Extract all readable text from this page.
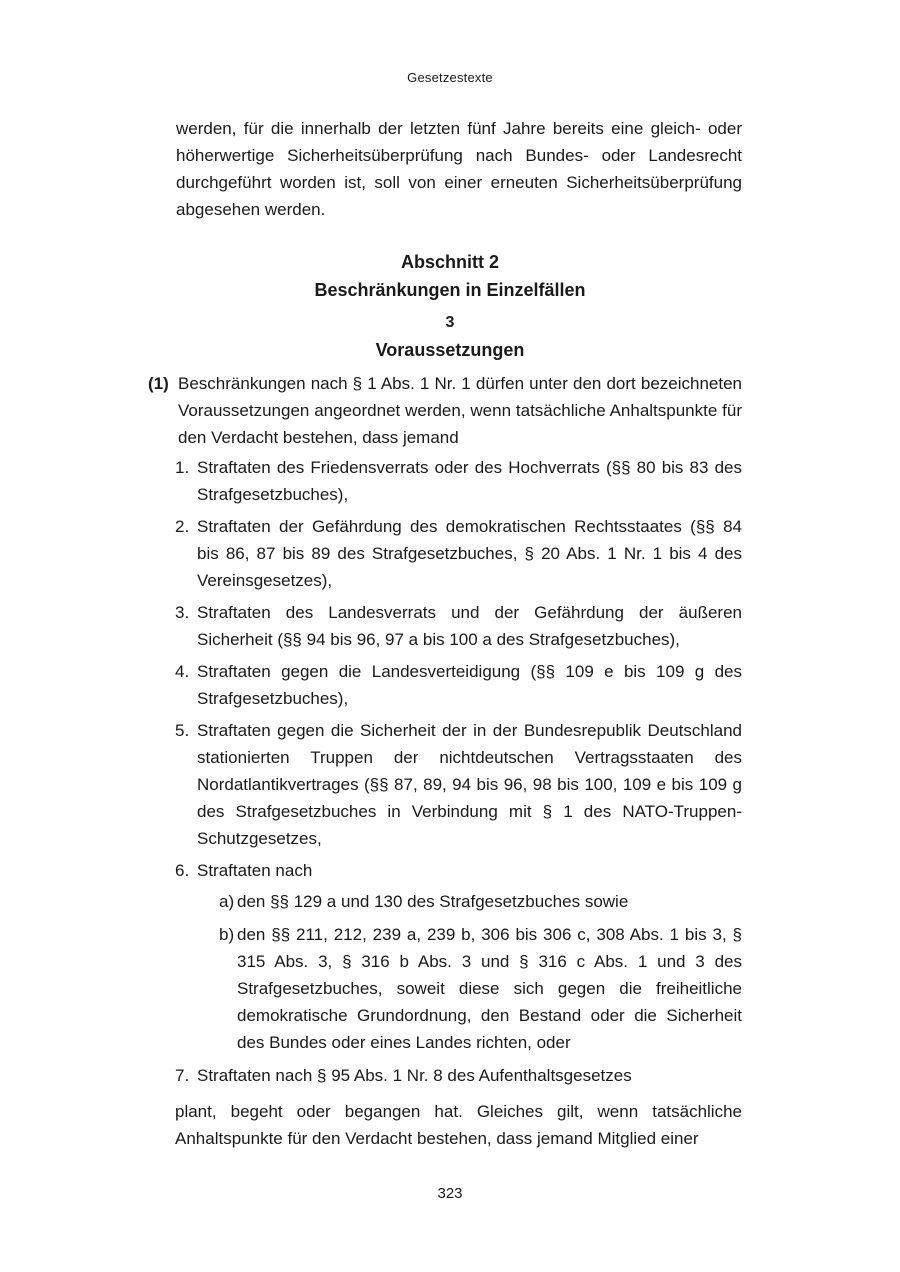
Gesetzestexte
werden, für die innerhalb der letzten fünf Jahre bereits eine gleich- oder höherwertige Sicherheitsüberprüfung nach Bundes- oder Landesrecht durchgeführt worden ist, soll von einer erneuten Sicherheitsüberprüfung abgesehen werden.
Abschnitt 2
Beschränkungen in Einzelfällen
3
Voraussetzungen
(1) Beschränkungen nach § 1 Abs. 1 Nr. 1 dürfen unter den dort bezeichneten Voraussetzungen angeordnet werden, wenn tatsächliche Anhaltspunkte für den Verdacht bestehen, dass jemand
1. Straftaten des Friedensverrats oder des Hochverrats (§§ 80 bis 83 des Strafgesetzbuches),
2. Straftaten der Gefährdung des demokratischen Rechtsstaates (§§ 84 bis 86, 87 bis 89 des Strafgesetzbuches, § 20 Abs. 1 Nr. 1 bis 4 des Vereinsgesetzes),
3. Straftaten des Landesverrats und der Gefährdung der äußeren Sicherheit (§§ 94 bis 96, 97 a bis 100 a des Strafgesetzbuches),
4. Straftaten gegen die Landesverteidigung (§§ 109 e bis 109 g des Strafgesetzbuches),
5. Straftaten gegen die Sicherheit der in der Bundesrepublik Deutschland stationierten Truppen der nichtdeutschen Vertragsstaaten des Nordatlantikvertrages (§§ 87, 89, 94 bis 96, 98 bis 100, 109 e bis 109 g des Strafgesetzbuches in Verbindung mit § 1 des NATO-Truppen-Schutzgesetzes,
6. Straftaten nach
a) den §§ 129 a und 130 des Strafgesetzbuches sowie
b) den §§ 211, 212, 239 a, 239 b, 306 bis 306 c, 308 Abs. 1 bis 3, § 315 Abs. 3, § 316 b Abs. 3 und § 316 c Abs. 1 und 3 des Strafgesetzbuches, soweit diese sich gegen die freiheitliche demokratische Grundordnung, den Bestand oder die Sicherheit des Bundes oder eines Landes richten, oder
7. Straftaten nach § 95 Abs. 1 Nr. 8 des Aufenthaltsgesetzes
plant, begeht oder begangen hat. Gleiches gilt, wenn tatsächliche Anhaltspunkte für den Verdacht bestehen, dass jemand Mitglied einer
323
